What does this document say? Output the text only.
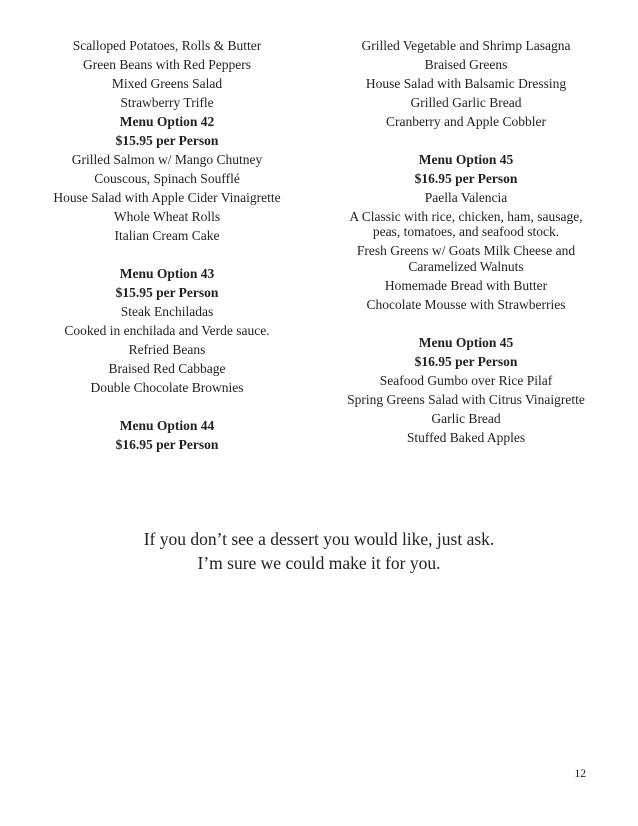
Scalloped Potatoes, Rolls & Butter
Green Beans with Red Peppers
Mixed Greens Salad
Strawberry Trifle
Menu Option 42
$15.95 per Person
Grilled Salmon w/ Mango Chutney
Couscous, Spinach Soufflé
House Salad with Apple Cider Vinaigrette
Whole Wheat Rolls
Italian Cream Cake
Menu Option 43
$15.95 per Person
Steak Enchiladas
Cooked in enchilada and Verde sauce.
Refried Beans
Braised Red Cabbage
Double Chocolate Brownies
Menu Option 44
$16.95 per Person
Grilled Vegetable and Shrimp Lasagna
Braised Greens
House Salad with Balsamic Dressing
Grilled Garlic Bread
Cranberry and Apple Cobbler
Menu Option 45
$16.95 per Person
Paella Valencia
A Classic with rice, chicken, ham, sausage, peas, tomatoes, and seafood stock.
Fresh Greens w/ Goats Milk Cheese and Caramelized Walnuts
Homemade Bread with Butter
Chocolate Mousse with Strawberries
Menu Option 45
$16.95 per Person
Seafood Gumbo over Rice Pilaf
Spring Greens Salad with Citrus Vinaigrette
Garlic Bread
Stuffed Baked Apples
If you don’t see a dessert you would like, just ask.
I’m sure we could make it for you.
12
